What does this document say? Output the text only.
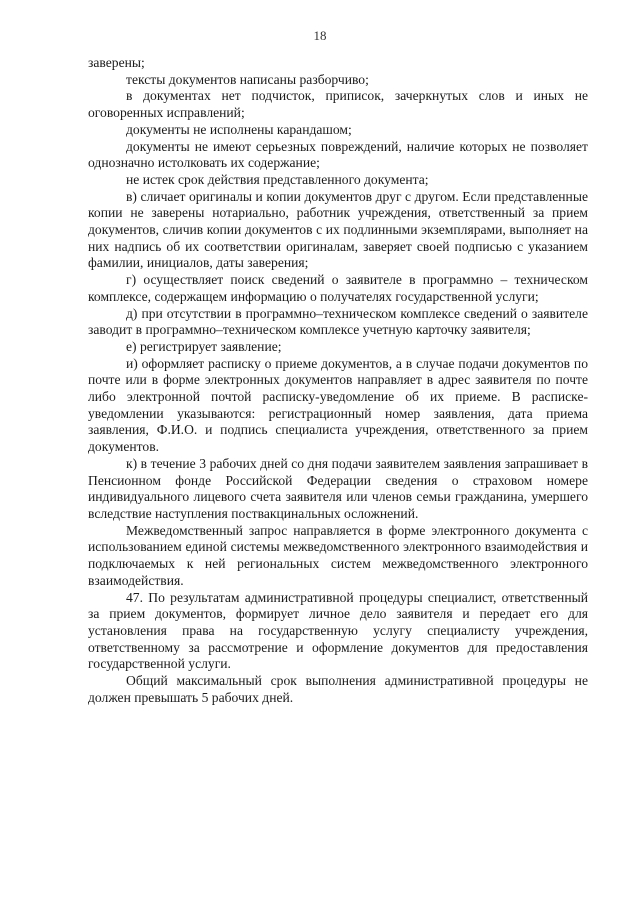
18

заверены;

тексты документов написаны разборчиво;

в документах нет подчисток, приписок, зачеркнутых слов и иных не оговоренных исправлений;

документы не исполнены карандашом;

документы не имеют серьезных повреждений, наличие которых не позволяет однозначно истолковать их содержание;

не истек срок действия представленного документа;

в) сличает оригиналы и копии документов друг с другом. Если представленные копии не заверены нотариально, работник учреждения, ответственный за прием документов, сличив копии документов с их подлинными экземплярами, выполняет на них надпись об их соответствии оригиналам, заверяет своей подписью с указанием фамилии, инициалов, даты заверения;

г) осуществляет поиск сведений о заявителе в программно – техническом комплексе, содержащем информацию о получателях государственной услуги;

д) при отсутствии в программно–техническом комплексе сведений о заявителе заводит в программно–техническом комплексе учетную карточку заявителя;

е) регистрирует заявление;

и) оформляет расписку о приеме документов, а в случае подачи документов по почте или в форме электронных документов направляет в адрес заявителя по почте либо электронной почтой расписку-уведомление об их приеме. В расписке-уведомлении указываются: регистрационный номер заявления, дата приема заявления, Ф.И.О. и подпись специалиста учреждения, ответственного за прием документов.

к) в течение 3 рабочих дней со дня подачи заявителем заявления запрашивает в Пенсионном фонде Российской Федерации сведения о страховом номере индивидуального лицевого счета заявителя или членов семьи гражданина, умершего вследствие наступления поствакцинальных осложнений.

Межведомственный запрос направляется в форме электронного документа с использованием единой системы межведомственного электронного взаимодействия и подключаемых к ней региональных систем межведомственного электронного взаимодействия.

47. По результатам административной процедуры специалист, ответственный за прием документов, формирует личное дело заявителя и передает его для установления права на государственную услугу специалисту учреждения, ответственному за рассмотрение и оформление документов для предоставления государственной услуги.

Общий максимальный срок выполнения административной процедуры не должен превышать 5 рабочих дней.
